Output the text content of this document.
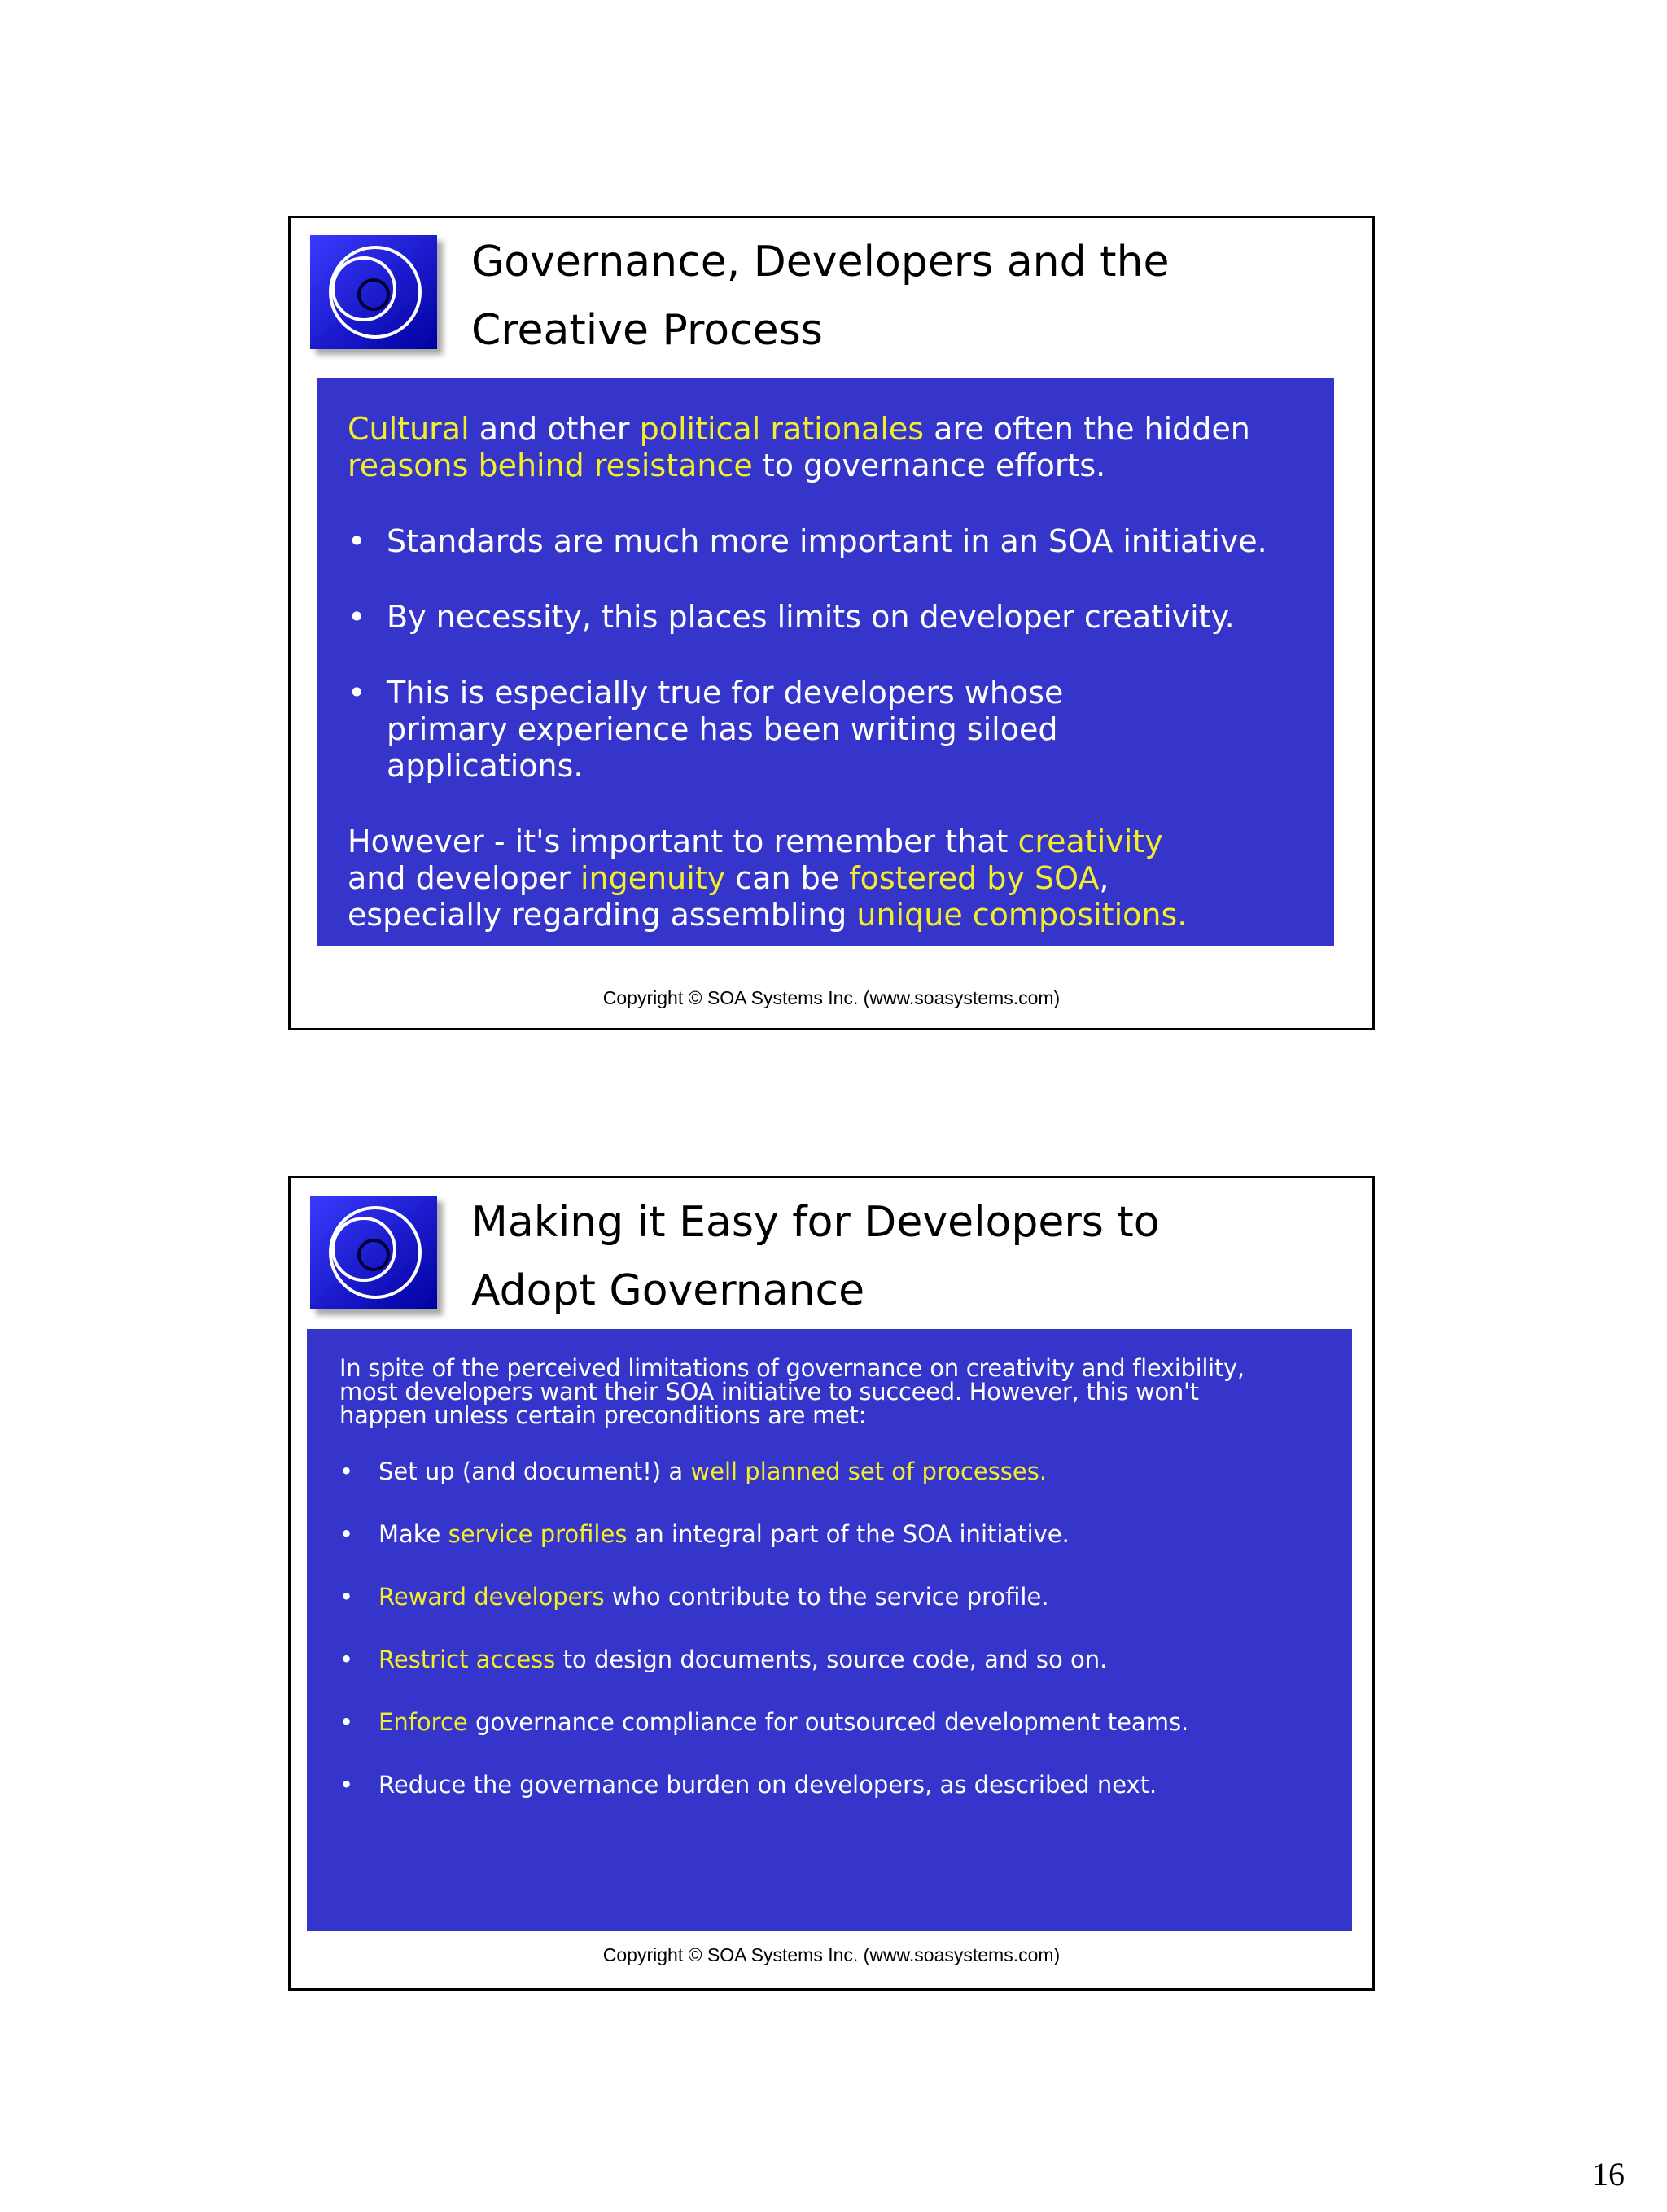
Governance, Developers and the
Creative Process

Cultural and other political rationales are often the hidden
reasons behind resistance to governance efforts.

• Standards are much more important in an SOA initiative.
• By necessity, this places limits on developer creativity.
• This is especially true for developers whose primary experience has been writing siloed applications.

However - it's important to remember that creativity and developer ingenuity can be fostered by SOA, especially regarding assembling unique compositions.

Copyright © SOA Systems Inc. (www.soasystems.com)
Making it Easy for Developers to
Adopt Governance

In spite of the perceived limitations of governance on creativity and flexibility, most developers want their SOA initiative to succeed. However, this won't happen unless certain preconditions are met:

•	Set up (and document!) a well planned set of processes.
•	Make service profiles an integral part of the SOA initiative.
•	Reward developers who contribute to the service profile.
•	Restrict access to design documents, source code, and so on.
•	Enforce governance compliance for outsourced development teams.
•	Reduce the governance burden on developers, as described next.
Copyright © SOA Systems Inc. (www.soasystems.com)
16
